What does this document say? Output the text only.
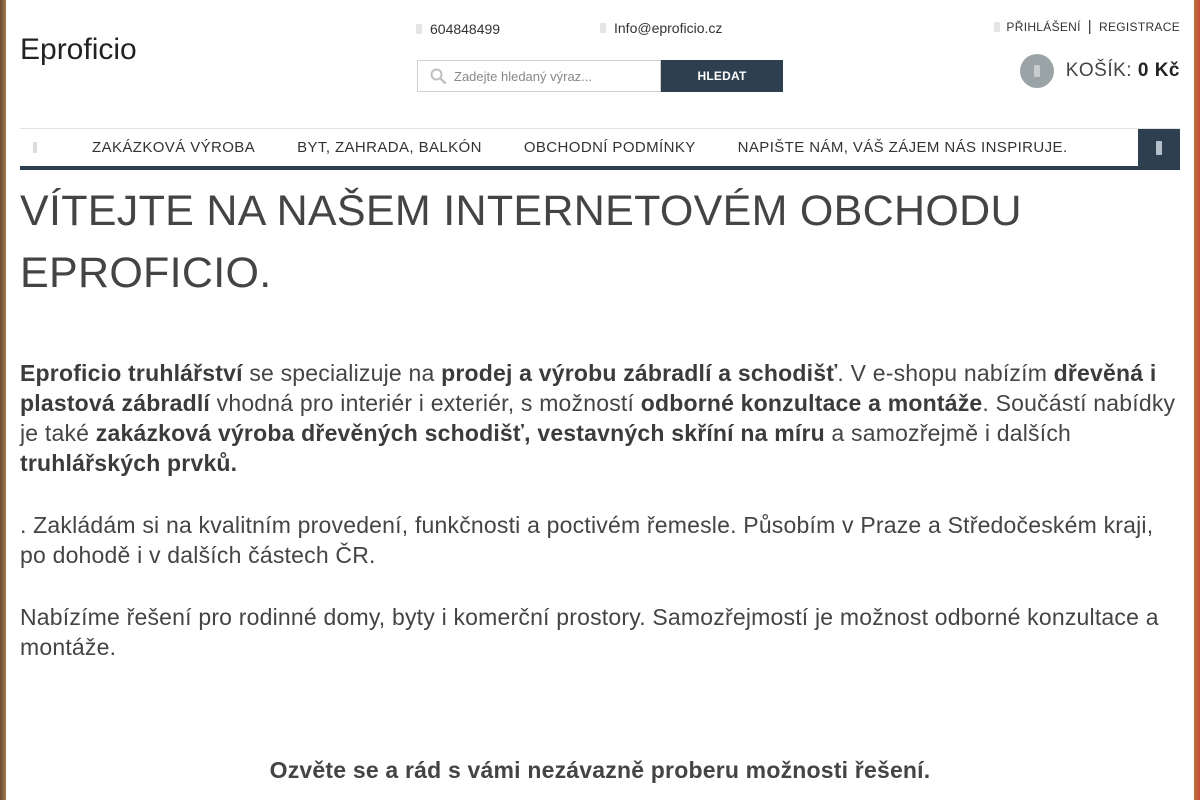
Eproficio
604848499	Info@eproficio.cz	PŘIHLÁŠENÍ | REGISTRACE
Zadejte hledaný výraz...
HLEDAT	KOŠÍK: 0 Kč
ZAKÁZKOVÁ VÝROBA	BYT, ZAHRADA, BALKÓN	OBCHODNÍ PODMÍNKY	NAPIŠTE NÁM, VÁŠ ZÁJEM NÁS INSPIRUJE.
VÍTEJTE NA NAŠEM INTERNETOVÉM OBCHODU EPROFICIO.

Eproficio truhlářství se specializuje na prodej a výrobu zábradlí a schodišť. V e-shopu nabízím dřevěná i plastová zábradlí vhodná pro interiér i exteriér, s možností odborné konzultace a montáže. Součástí nabídky je také zakázková výroba dřevěných schodišť, vestavných skříní na míru a samozřejmě i dalších truhlářských prvků.

. Zakládám si na kvalitním provedení, funkčnosti a poctivém řemesle. Působím v Praze a Středočeském kraji, po dohodě i v dalších částech ČR.

Nabízíme řešení pro rodinné domy, byty i komerční prostory. Samozřejmostí je možnost odborné konzultace a montáže.

Ozvěte se a rád s vámi nezávazně proberu možnosti řešení.
